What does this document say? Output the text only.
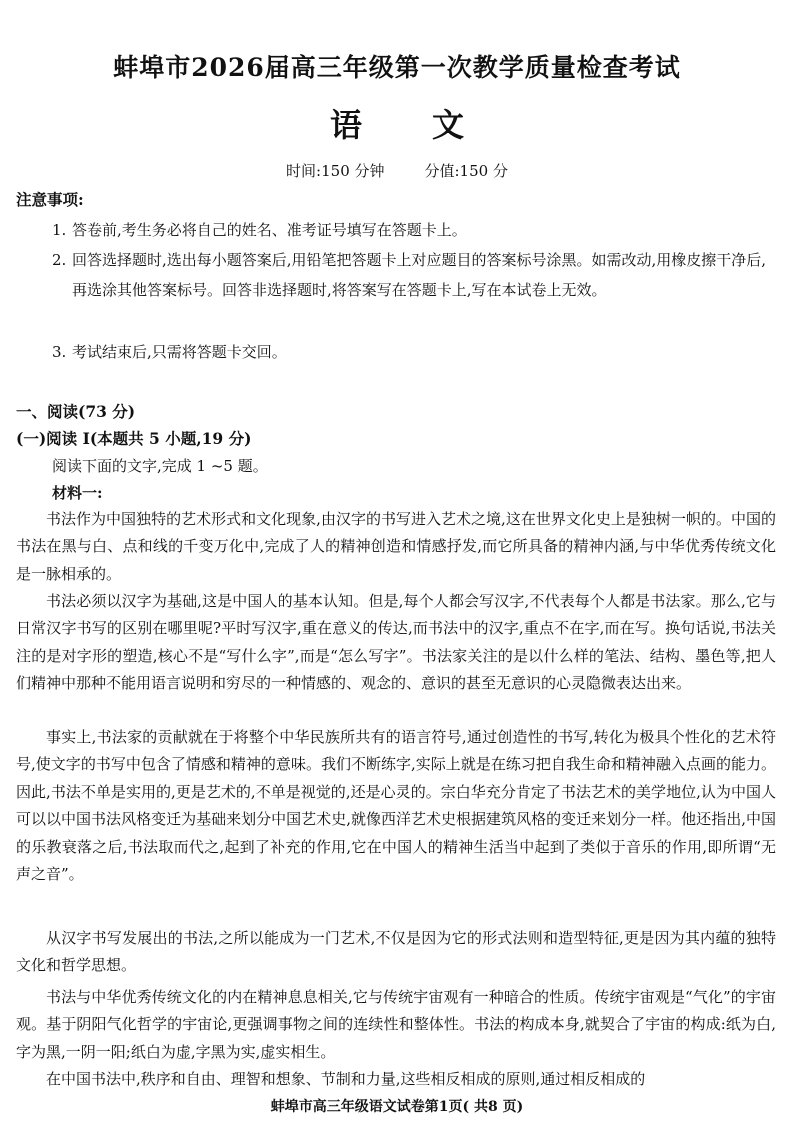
蚌埠市2026届高三年级第一次教学质量检查考试
语 文
时间:150 分钟	分值:150 分
注意事项:
1. 答卷前,考生务必将自己的姓名、准考证号填写在答题卡上。
2. 回答选择题时,选出每小题答案后,用铅笔把答题卡上对应题目的答案标号涂黑。如需改动,用橡皮擦干净后,再选涂其他答案标号。回答非选择题时,将答案写在答题卡上,写在本试卷上无效。
3. 考试结束后,只需将答题卡交回。
一、阅读(73 分)
(一)阅读 I(本题共 5 小题,19 分)
阅读下面的文字,完成 1 ~5 题。
材料一:

书法作为中国独特的艺术形式和文化现象,由汉字的书写进入艺术之境,这在世界文化史上是独树一帜的。中国的书法在黑与白、点和线的千变万化中,完成了人的精神创造和情感抒发,而它所具备的精神内涵,与中华优秀传统文化是一脉相承的。

书法必须以汉字为基础,这是中国人的基本认知。但是,每个人都会写汉字,不代表每个人都是书法家。那么,它与日常汉字书写的区别在哪里呢?平时写汉字,重在意义的传达,而书法中的汉字,重点不在字,而在写。换句话说,书法关注的是对字形的塑造,核心不是“写什么字”,而是“怎么写字”。书法家关注的是以什么样的笔法、结构、墨色等,把人们精神中那种不能用语言说明和穷尽的一种情感的、观念的、意识的甚至无意识的心灵隐微表达出来。

事实上,书法家的贡献就在于将整个中华民族所共有的语言符号,通过创造性的书写,转化为极具个性化的艺术符号,使文字的书写中包含了情感和精神的意味。我们不断练字,实际上就是在练习把自我生命和精神融入点画的能力。因此,书法不单是实用的,更是艺术的,不单是视觉的,还是心灵的。宗白华充分肯定了书法艺术的美学地位,认为中国人可以以中国书法风格变迁为基础来划分中国艺术史,就像西洋艺术史根据建筑风格的变迁来划分一样。他还指出,中国的乐教衰落之后,书法取而代之,起到了补充的作用,它在中国人的精神生活当中起到了类似于音乐的作用,即所谓“无声之音”。

从汉字书写发展出的书法,之所以能成为一门艺术,不仅是因为它的形式法则和造型特征,更是因为其内蕴的独特文化和哲学思想。

书法与中华优秀传统文化的内在精神息息相关,它与传统宇宙观有一种暗合的性质。传统宇宙观是“气化”的宇宙观。基于阴阳气化哲学的宇宙论,更强调事物之间的连续性和整体性。书法的构成本身,就契合了宇宙的构成:纸为白,字为黑,一阴一阳;纸白为虚,字黑为实,虚实相生。

在中国书法中,秩序和自由、理智和想象、节制和力量,这些相反相成的原则,通过相反相成的

蚌埠市高三年级语文试卷第1页( 共8 页)
